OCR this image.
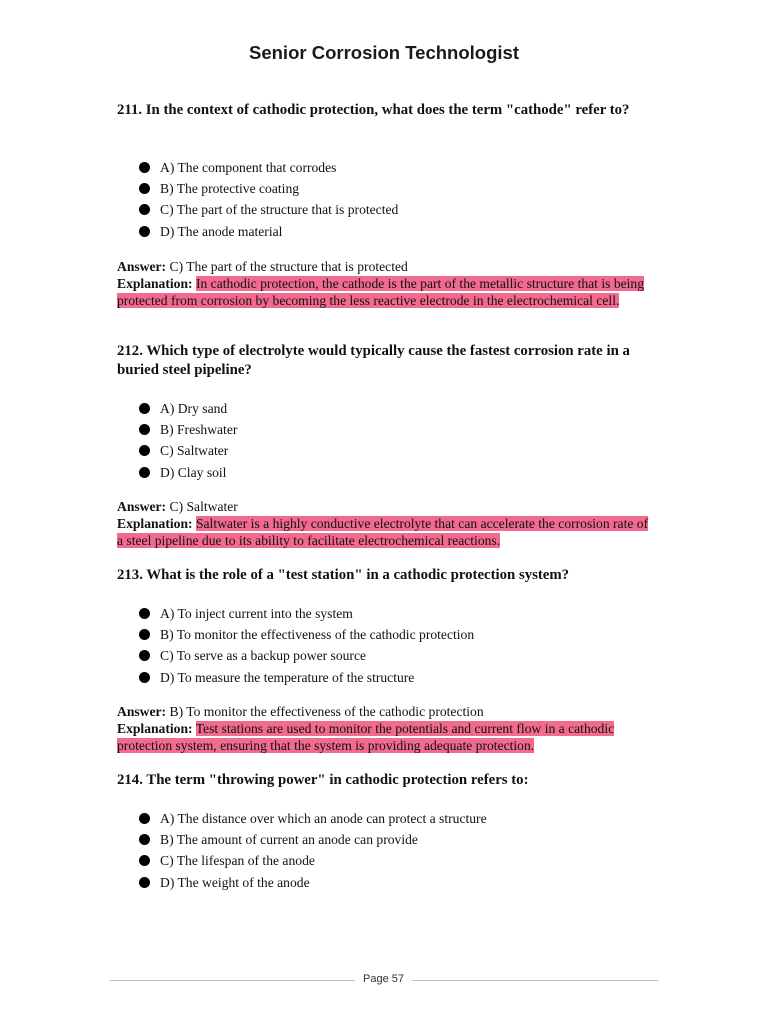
Senior Corrosion Technologist

211. In the context of cathodic protection, what does the term "cathode" refer to?

A) The component that corrodes
B) The protective coating
C) The part of the structure that is protected
D) The anode material
Answer: C) The part of the structure that is protected
Explanation: In cathodic protection, the cathode is the part of the metallic structure that is being protected from corrosion by becoming the less reactive electrode in the electrochemical cell.

212. Which type of electrolyte would typically cause the fastest corrosion rate in a buried steel pipeline?

A) Dry sand
B) Freshwater
C) Saltwater
D) Clay soil
Answer: C) Saltwater
Explanation: Saltwater is a highly conductive electrolyte that can accelerate the corrosion rate of a steel pipeline due to its ability to facilitate electrochemical reactions.

213. What is the role of a "test station" in a cathodic protection system?

A) To inject current into the system
B) To monitor the effectiveness of the cathodic protection
C) To serve as a backup power source
D) To measure the temperature of the structure
Answer: B) To monitor the effectiveness of the cathodic protection
Explanation: Test stations are used to monitor the potentials and current flow in a cathodic protection system, ensuring that the system is providing adequate protection.

214. The term "throwing power" in cathodic protection refers to:

A) The distance over which an anode can protect a structure
B) The amount of current an anode can provide
C) The lifespan of the anode
D) The weight of the anode
Page 57
